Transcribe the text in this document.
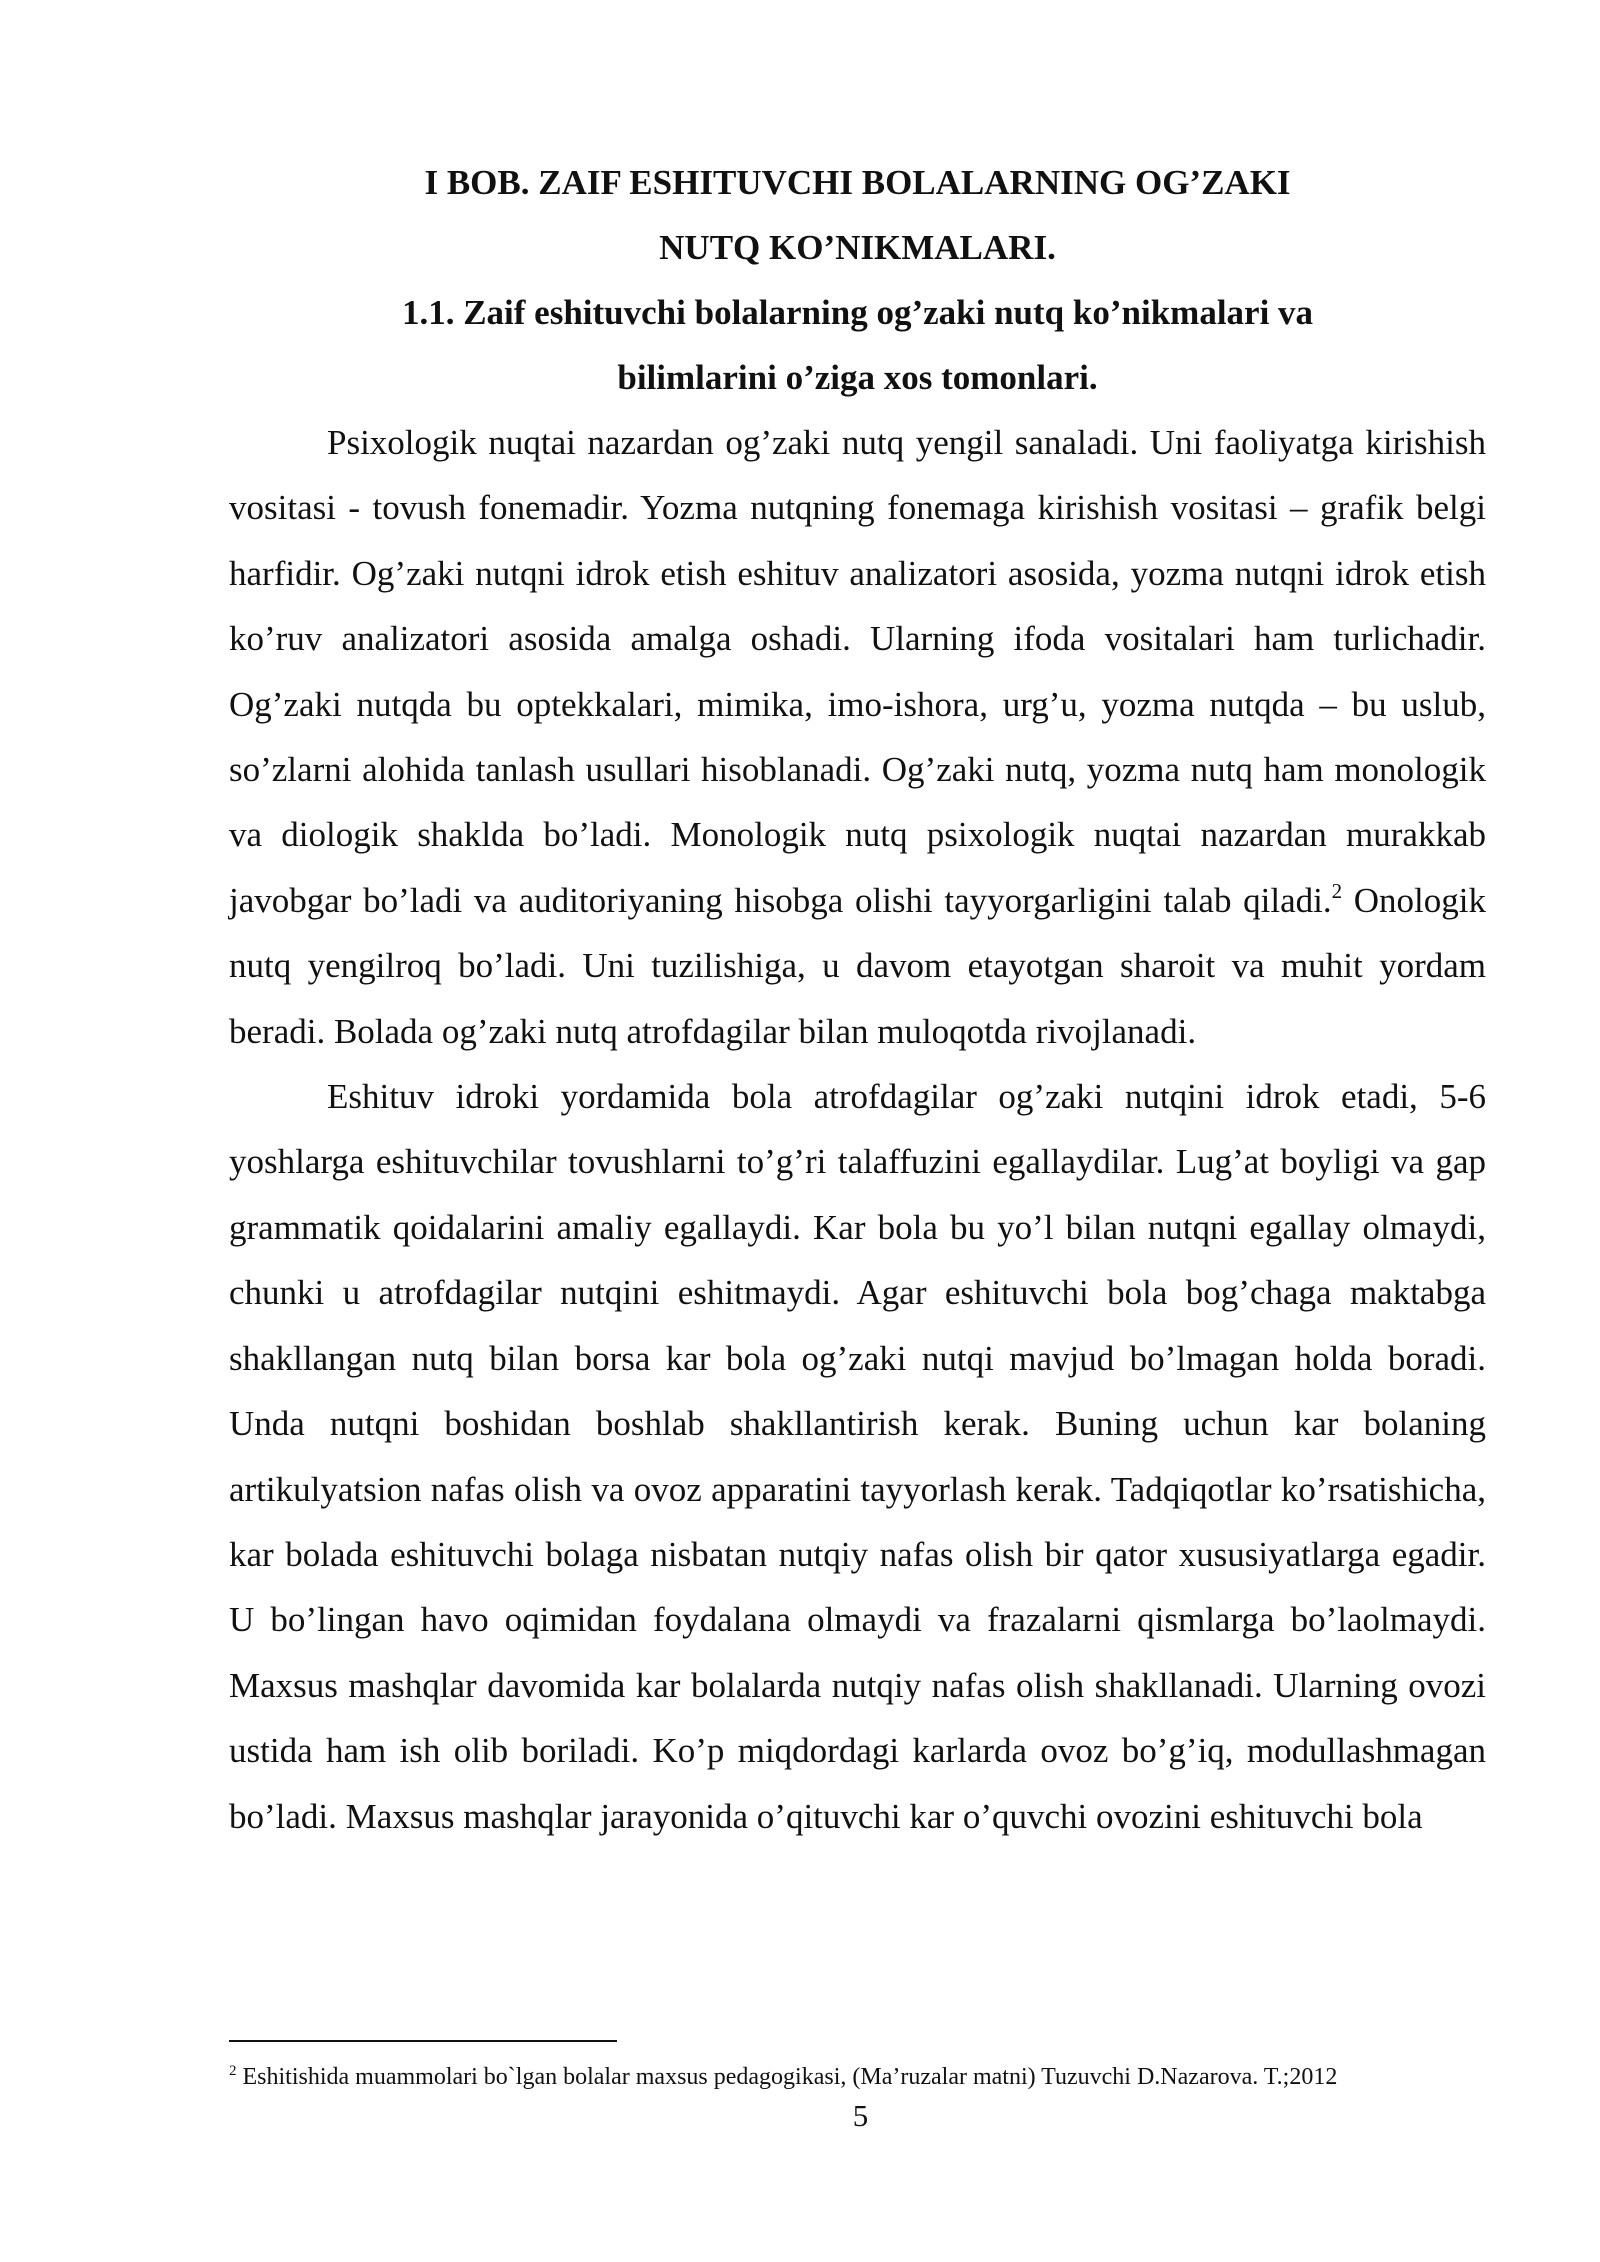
I BOB. ZAIF ESHITUVCHI BOLALARNING OG’ZAKI

NUTQ KO’NIKMALARI.

1.1. Zaif eshituvchi bolalarning og’zaki nutq ko’nikmalari va

bilimlarini o’ziga xos tomonlari.

Psixologik nuqtai nazardan og’zaki nutq yengil sanaladi. Uni faoliyatga kirishish vositasi - tovush fonemadir. Yozma nutqning fonemaga kirishish vositasi – grafik belgi harfidir. Og’zaki nutqni idrok etish eshituv analizatori asosida, yozma nutqni idrok etish ko’ruv analizatori asosida amalga oshadi. Ularning ifoda vositalari ham turlichadir. Og’zaki nutqda bu optekkalari, mimika, imo-ishora, urg’u, yozma nutqda – bu uslub, so’zlarni alohida tanlash usullari hisoblanadi. Og’zaki nutq, yozma nutq ham monologik va diologik shaklda bo’ladi. Monologik nutq psixologik nuqtai nazardan murakkab javobgar bo’ladi va auditoriyaning hisobga olishi tayyorgarligini talab qiladi.$^2$ Onologik nutq yengilroq bo’ladi. Uni tuzilishiga, u davom etayotgan sharoit va muhit yordam beradi. Bolada og’zaki nutq atrofdagilar bilan muloqotda rivojlanadi.

Eshituv idroki yordamida bola atrofdagilar og’zaki nutqini idrok etadi, 5-6 yoshlarga eshituvchilar tovushlarni to’g’ri talaffuzini egallaydilar. Lug’at boyligi va gap grammatik qoidalarini amaliy egallaydi. Kar bola bu yo’l bilan nutqni egallay olmaydi, chunki u atrofdagilar nutqini eshitmaydi. Agar eshituvchi bola bog’chaga maktabga shakllangan nutq bilan borsa kar bola og’zaki nutqi mavjud bo’lmagan holda boradi. Unda nutqni boshidan boshlab shakllantirish kerak. Buning uchun kar bolaning artikulyatsion nafas olish va ovoz apparatini tayyorlash kerak. Tadqiqotlar ko’rsatishicha, kar bolada eshituvchi bolaga nisbatan nutqiy nafas olish bir qator xususiyatlarga egadir. U bo’lingan havo oqimidan foydalana olmaydi va frazalarni qismlarga bo’laolmaydi. Maxsus mashqlar davomida kar bolalarda nutqiy nafas olish shakllanadi. Ularning ovozi ustida ham ish olib boriladi. Ko’p miqdordagi karlarda ovoz bo’g’iq, modullashmagan bo’ladi. Maxsus mashqlar jarayonida o’qituvchi kar o’quvchi ovozini eshituvchi bola

$^2$ Eshitishida muammolari bo`lgan bolalar maxsus pedagogikasi, (Ma’ruzalar matni) Tuzuvchi D.Nazarova. T.;2012
5
